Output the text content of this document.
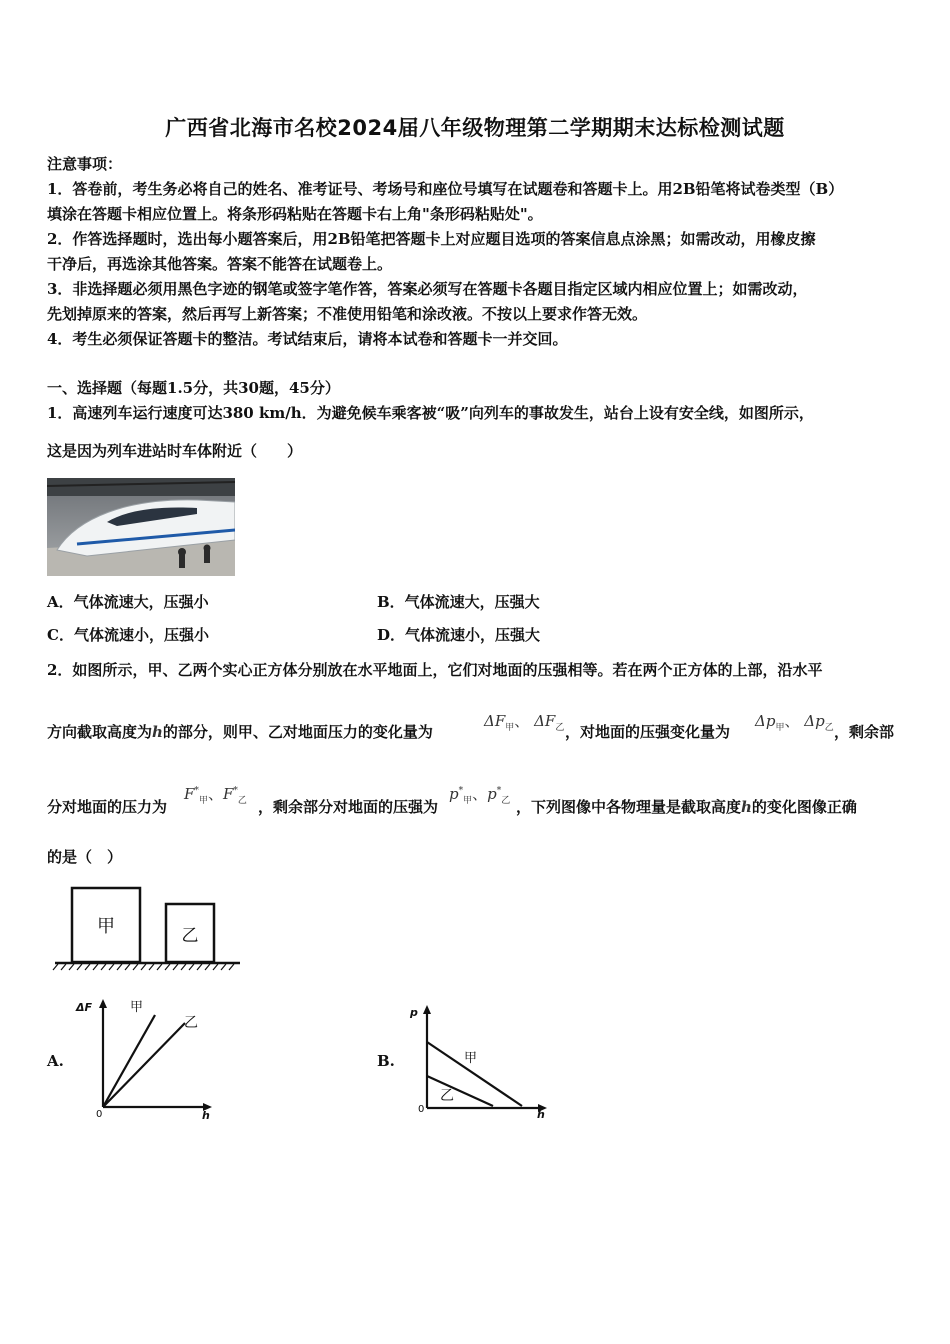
广西省北海市名校2024届八年级物理第二学期期末达标检测试题
注意事项：
1．答卷前，考生务必将自己的姓名、准考证号、考场号和座位号填写在试题卷和答题卡上。用2B铅笔将试卷类型（B）
填涂在答题卡相应位置上。将条形码粘贴在答题卡右上角"条形码粘贴处"。
2．作答选择题时，选出每小题答案后，用2B铅笔把答题卡上对应题目选项的答案信息点涂黑；如需改动，用橡皮擦
干净后，再选涂其他答案。答案不能答在试题卷上。
3．非选择题必须用黑色字迹的钢笔或签字笔作答，答案必须写在答题卡各题目指定区域内相应位置上；如需改动，
先划掉原来的答案，然后再写上新答案；不准使用铅笔和涂改液。不按以上要求作答无效。
4．考生必须保证答题卡的整洁。考试结束后，请将本试卷和答题卡一并交回。
一、选择题（每题1.5分，共30题，45分）
1．高速列车运行速度可达380 km/h．为避免候车乘客被“吸”向列车的事故发生，站台上设有安全线，如图所示，
这是因为列车进站时车体附近（　　）
A．气体流速大，压强小	B．气体流速大，压强大
C．气体流速小，压强小	D．气体流速小，压强大
2．如图所示，甲、乙两个实心正方体分别放在水平地面上，它们对地面的压强相等。若在两个正方体的上部，沿水平
方向截取高度为h的部分，则甲、乙对地面压力的变化量为
$\Delta F_甲$、 $\Delta F_乙$ ，对地面的压强变化量为
$\Delta p_甲$、 $\Delta p_乙$ ，剩余部
分对地面的压力为
$F^*_甲$、$F^*_乙$ ，剩余部分对地面的压强为
$p^*_甲$、$p^*_乙$ ，下列图像中各物理量是截取高度h的变化图像正确
的是（　）
甲	乙
A.
ΔF
h
0
甲
乙
B.
p
h
0
甲
乙
